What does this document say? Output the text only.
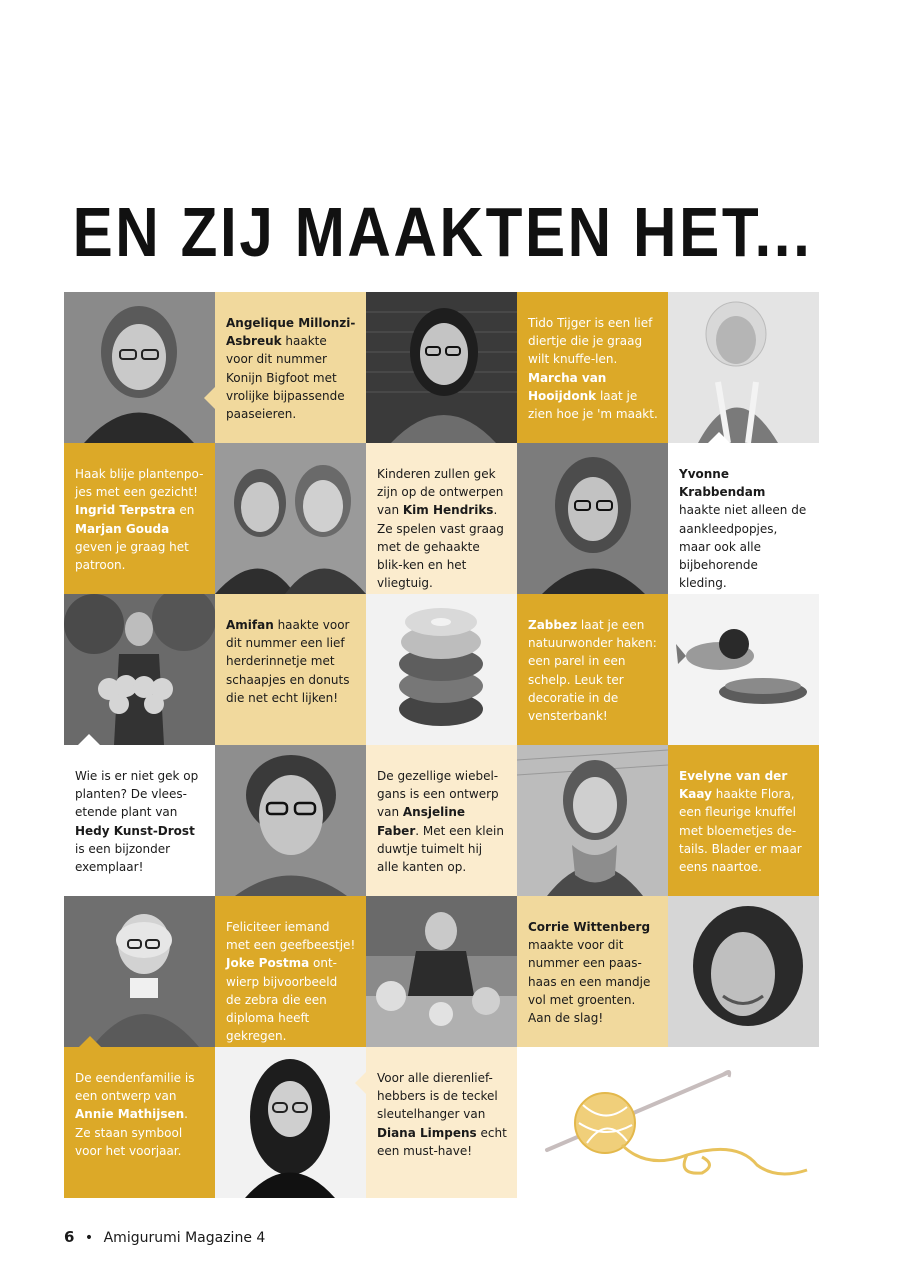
EN ZIJ MAAKTEN HET...
Angelique Millonzi-Asbreuk haakte voor dit nummer Konijn Bigfoot met vrolijke bijpassende paaseieren.
Tido Tijger is een lief diertje die je graag wilt knuffe-len. Marcha van Hooijdonk laat je zien hoe je 'm maakt.
Haak blije plantenpo-jes met een gezicht! Ingrid Terpstra en Marjan Gouda geven je graag het patroon.
Kinderen zullen gek zijn op de ontwerpen van Kim Hendriks. Ze spelen vast graag met de gehaakte blik-ken en het vliegtuig.
Yvonne Krabbendam haakte niet alleen de aankleedpopjes, maar ook alle bijbehorende kleding.
Amifan haakte voor dit nummer een lief herderinnetje met schaapjes en donuts die net echt lijken!
Zabbez laat je een natuurwonder haken: een parel in een schelp. Leuk ter decoratie in de vensterbank!
Wie is er niet gek op planten? De vlees-etende plant van Hedy Kunst-Drost is een bijzonder exemplaar!
De gezellige wiebel-gans is een ontwerp van Ansjeline Faber. Met een klein duwtje tuimelt hij alle kanten op.
Evelyne van der Kaay haakte Flora, een fleurige knuffel met bloemetjes de-tails. Blader er maar eens naartoe.
Feliciteer iemand met een geefbeestje! Joke Postma ont-wierp bijvoorbeeld de zebra die een diploma heeft gekregen.
Corrie Wittenberg maakte voor dit nummer een paas-haas en een mandje vol met groenten. Aan de slag!
De eendenfamilie is een ontwerp van Annie Mathijsen. Ze staan symbool voor het voorjaar.
Voor alle dierenlief-hebbers is de teckel sleutelhanger van Diana Limpens echt een must-have!
6 • Amigurumi Magazine 4
